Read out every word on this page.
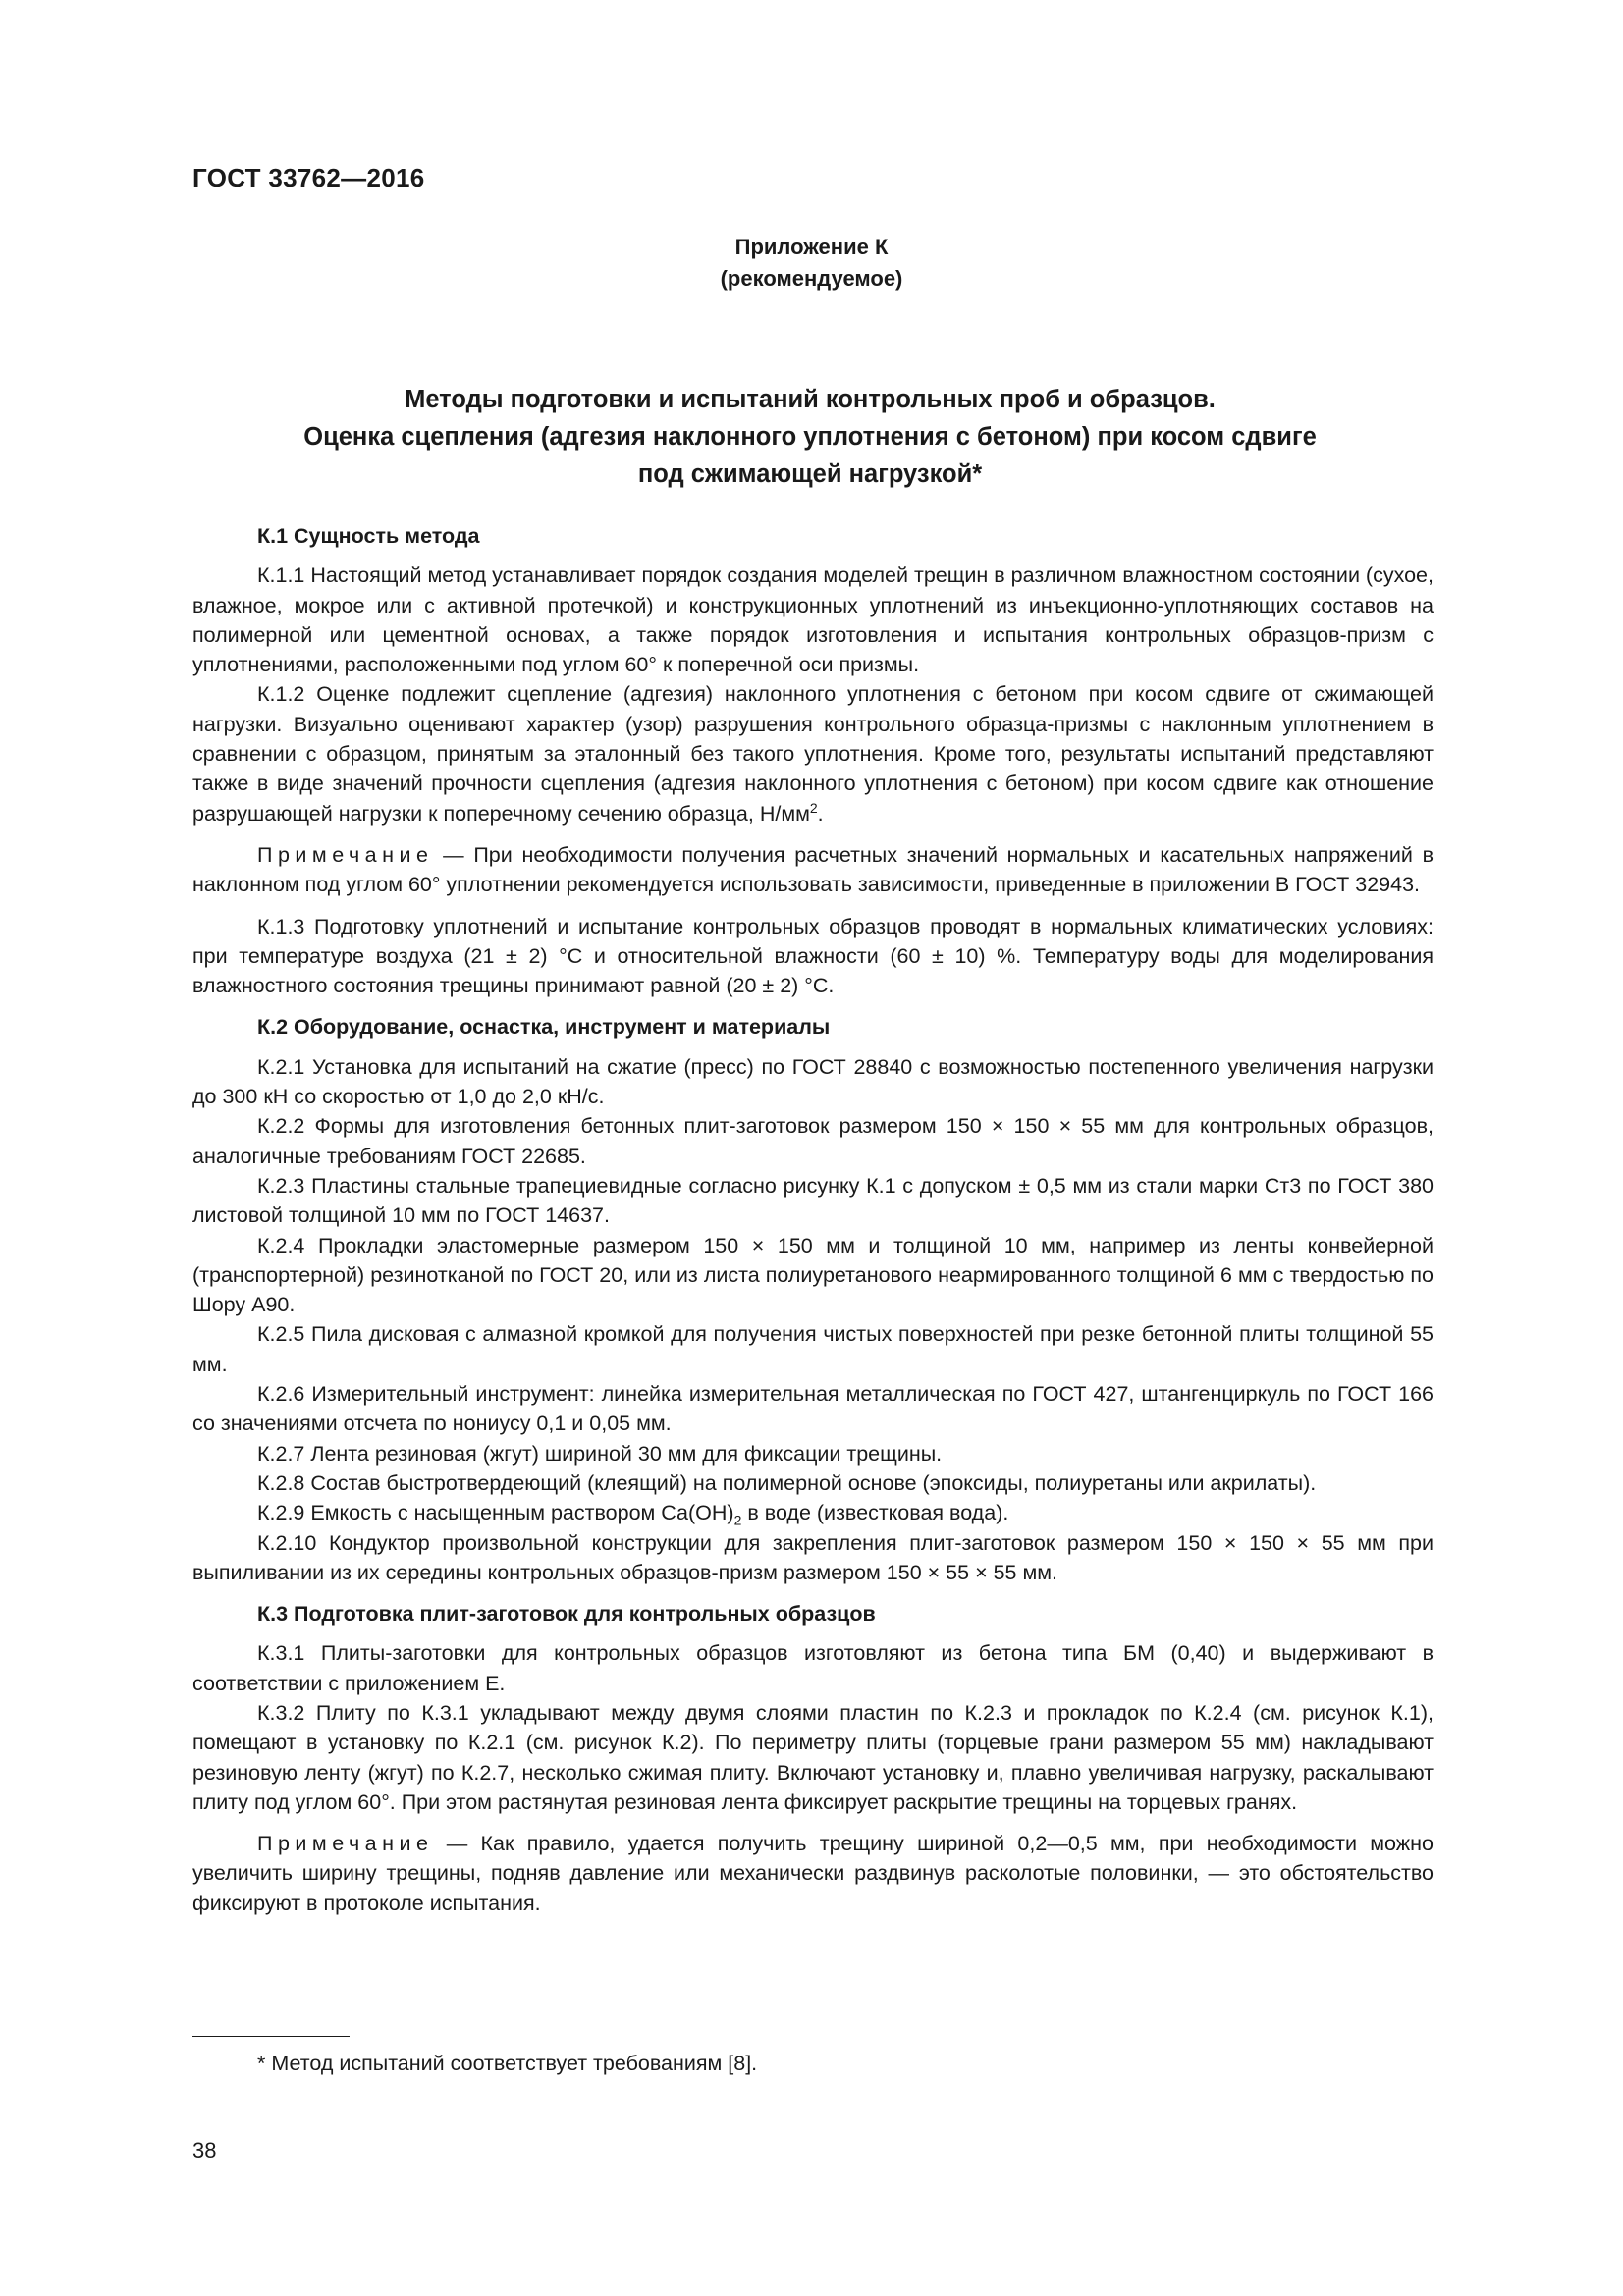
ГОСТ 33762—2016
Приложение К
(рекомендуемое)
Методы подготовки и испытаний контрольных проб и образцов.
Оценка сцепления (адгезия наклонного уплотнения с бетоном) при косом сдвиге
под сжимающей нагрузкой*
К.1 Сущность метода

К.1.1 Настоящий метод устанавливает порядок создания моделей трещин в различном влажностном состоянии (сухое, влажное, мокрое или с активной протечкой) и конструкционных уплотнений из инъекционно-уплотняющих составов на полимерной или цементной основах, а также порядок изготовления и испытания контрольных образцов-призм с уплотнениями, расположенными под углом 60° к поперечной оси призмы.

К.1.2 Оценке подлежит сцепление (адгезия) наклонного уплотнения с бетоном при косом сдвиге от сжимающей нагрузки. Визуально оценивают характер (узор) разрушения контрольного образца-призмы с наклонным уплотнением в сравнении с образцом, принятым за эталонный без такого уплотнения. Кроме того, результаты испытаний представляют также в виде значений прочности сцепления (адгезия наклонного уплотнения с бетоном) при косом сдвиге как отношение разрушающей нагрузки к поперечному сечению образца, $Н/мм^2$.

Примечание — При необходимости получения расчетных значений нормальных и касательных напряжений в наклонном под углом 60° уплотнении рекомендуется использовать зависимости, приведенные в приложении В ГОСТ 32943.

К.1.3 Подготовку уплотнений и испытание контрольных образцов проводят в нормальных климатических условиях: при температуре воздуха (21 ± 2) °С и относительной влажности (60 ± 10) %. Температуру воды для моделирования влажностного состояния трещины принимают равной (20 ± 2) °С.

К.2 Оборудование, оснастка, инструмент и материалы

К.2.1 Установка для испытаний на сжатие (пресс) по ГОСТ 28840 с возможностью постепенного увеличения нагрузки до 300 кН со скоростью от 1,0 до 2,0 кН/с.

К.2.2 Формы для изготовления бетонных плит-заготовок размером 150 × 150 × 55 мм для контрольных образцов, аналогичные требованиям ГОСТ 22685.

К.2.3 Пластины стальные трапециевидные согласно рисунку К.1 с допуском ± 0,5 мм из стали марки Ст3 по ГОСТ 380 листовой толщиной 10 мм по ГОСТ 14637.

К.2.4 Прокладки эластомерные размером 150 × 150 мм и толщиной 10 мм, например из ленты конвейерной (транспортерной) резинотканой по ГОСТ 20, или из листа полиуретанового неармированного толщиной 6 мм с твердостью по Шору А90.

К.2.5 Пила дисковая с алмазной кромкой для получения чистых поверхностей при резке бетонной плиты толщиной 55 мм.

К.2.6 Измерительный инструмент: линейка измерительная металлическая по ГОСТ 427, штангенциркуль по ГОСТ 166 со значениями отсчета по нониусу 0,1 и 0,05 мм.

К.2.7 Лента резиновая (жгут) шириной 30 мм для фиксации трещины.

К.2.8 Состав быстротвердеющий (клеящий) на полимерной основе (эпоксиды, полиуретаны или акрилаты).

К.2.9 Емкость с насыщенным раствором $Са(ОН)_2$ в воде (известковая вода).

К.2.10 Кондуктор произвольной конструкции для закрепления плит-заготовок размером 150 × 150 × 55 мм при выпиливании из их середины контрольных образцов-призм размером 150 × 55 × 55 мм.

К.3 Подготовка плит-заготовок для контрольных образцов

К.3.1 Плиты-заготовки для контрольных образцов изготовляют из бетона типа БМ (0,40) и выдерживают в соответствии с приложением Е.

К.3.2 Плиту по К.3.1 укладывают между двумя слоями пластин по К.2.3 и прокладок по К.2.4 (см. рисунок К.1), помещают в установку по К.2.1 (см. рисунок К.2). По периметру плиты (торцевые грани размером 55 мм) накладывают резиновую ленту (жгут) по К.2.7, несколько сжимая плиту. Включают установку и, плавно увеличивая нагрузку, раскалывают плиту под углом 60°. При этом растянутая резиновая лента фиксирует раскрытие трещины на торцевых гранях.

Примечание — Как правило, удается получить трещину шириной 0,2—0,5 мм, при необходимости можно увеличить ширину трещины, подняв давление или механически раздвинув расколотые половинки, — это обстоятельство фиксируют в протоколе испытания.

* Метод испытаний соответствует требованиям [8].
38
